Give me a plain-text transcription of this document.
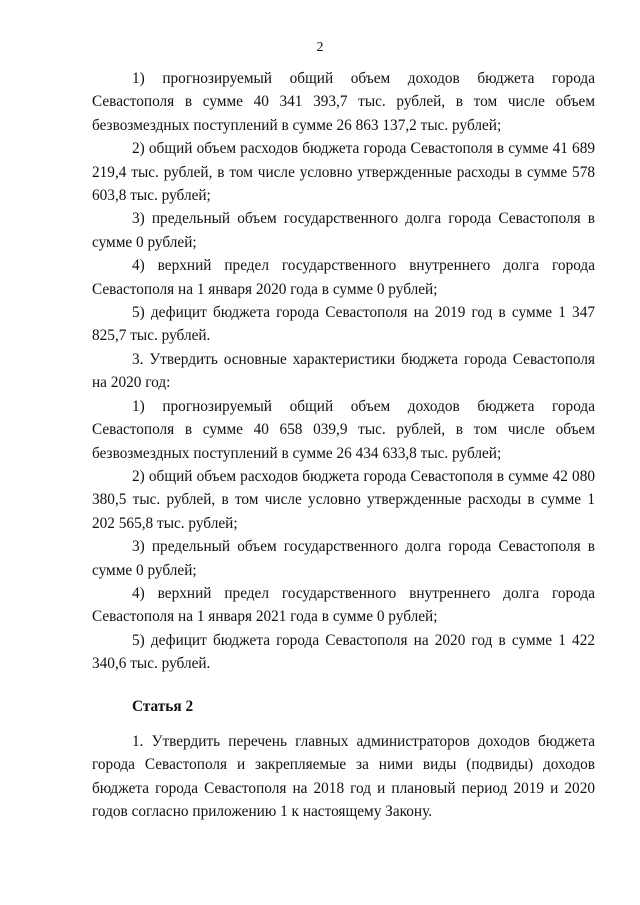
2

1) прогнозируемый общий объем доходов бюджета города Севастополя в сумме 40 341 393,7 тыс. рублей, в том числе объем безвозмездных поступлений в сумме 26 863 137,2 тыс. рублей;

2) общий объем расходов бюджета города Севастополя в сумме 41 689 219,4 тыс. рублей, в том числе условно утвержденные расходы в сумме 578 603,8 тыс. рублей;

3) предельный объем государственного долга города Севастополя в сумме 0 рублей;

4) верхний предел государственного внутреннего долга города Севастополя на 1 января 2020 года в сумме 0 рублей;

5) дефицит бюджета города Севастополя на 2019 год в сумме 1 347 825,7 тыс. рублей.

3. Утвердить основные характеристики бюджета города Севастополя на 2020 год:

1) прогнозируемый общий объем доходов бюджета города Севастополя в сумме 40 658 039,9 тыс. рублей, в том числе объем безвозмездных поступлений в сумме 26 434 633,8 тыс. рублей;

2) общий объем расходов бюджета города Севастополя в сумме 42 080 380,5 тыс. рублей, в том числе условно утвержденные расходы в сумме 1 202 565,8 тыс. рублей;

3) предельный объем государственного долга города Севастополя в сумме 0 рублей;

4) верхний предел государственного внутреннего долга города Севастополя на 1 января 2021 года в сумме 0 рублей;

5) дефицит бюджета города Севастополя на 2020 год в сумме 1 422 340,6 тыс. рублей.

Статья 2

1. Утвердить перечень главных администраторов доходов бюджета города Севастополя и закрепляемые за ними виды (подвиды) доходов бюджета города Севастополя на 2018 год и плановый период 2019 и 2020 годов согласно приложению 1 к настоящему Закону.
